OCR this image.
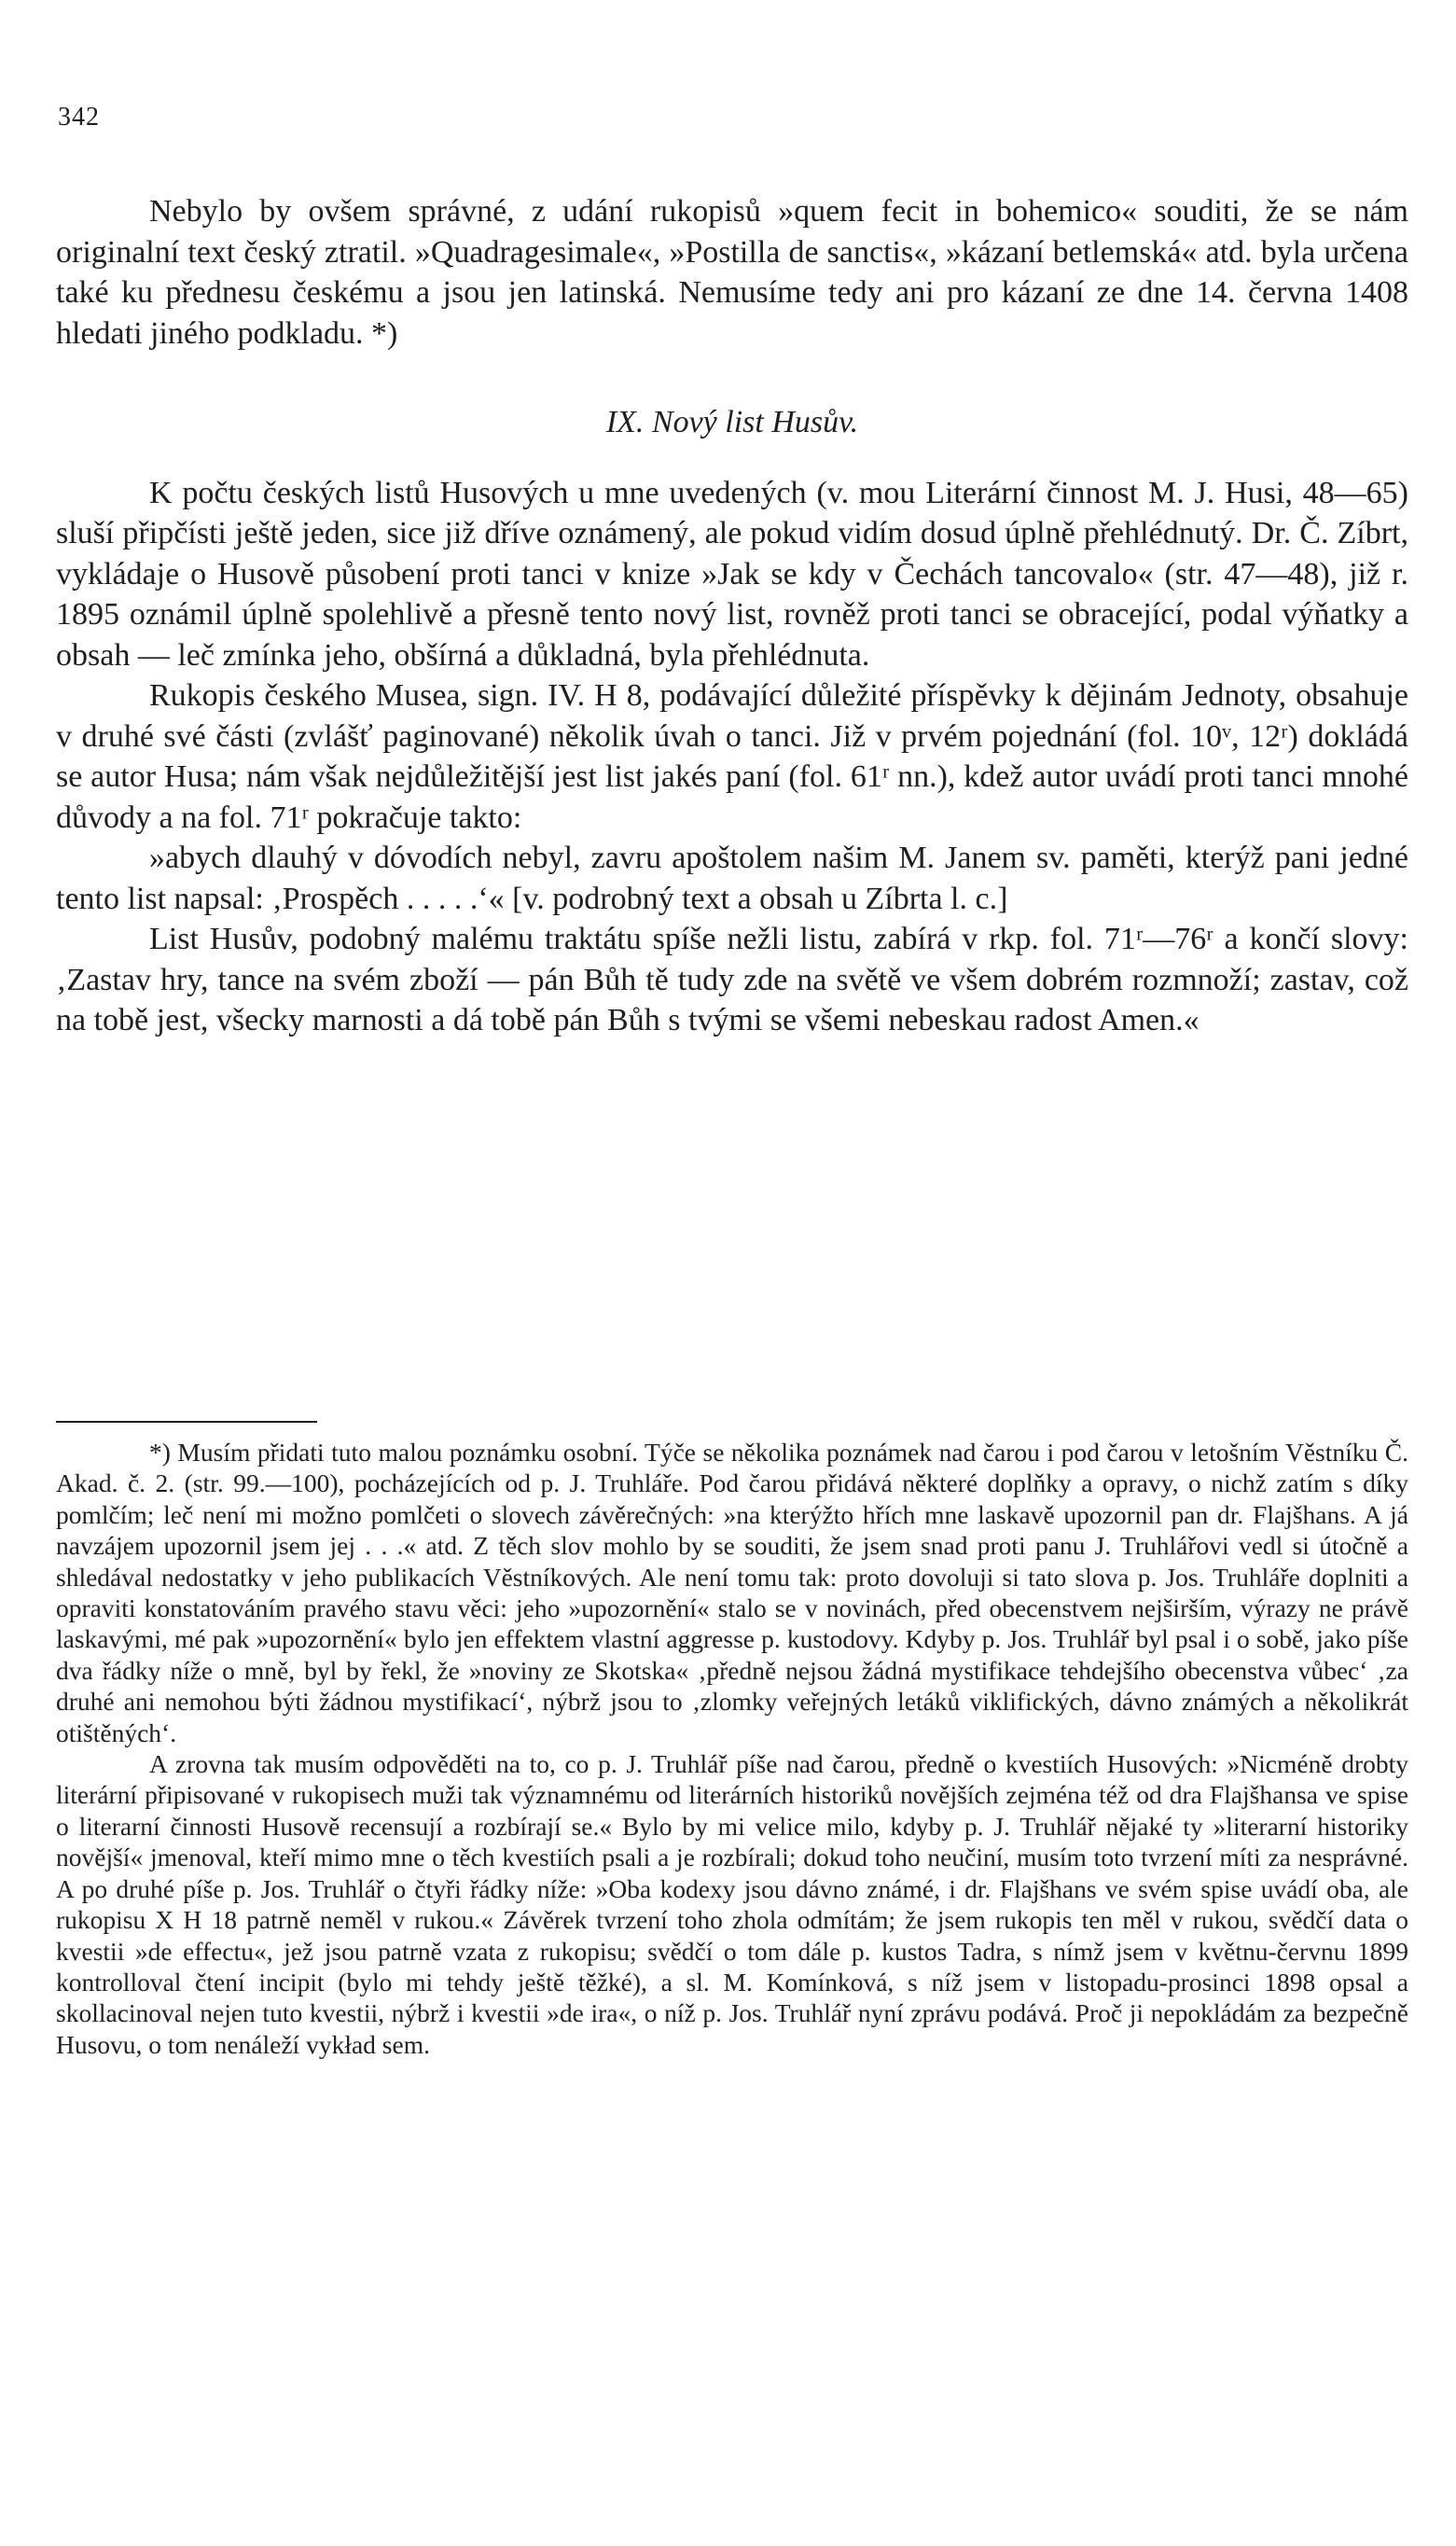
342

Nebylo by ovšem správné, z udání rukopisů »quem fecit in bohemico« souditi, že se nám originalní text český ztratil. »Quadragesimale«, »Postilla de sanctis«, »kázaní betlemská« atd. byla určena také ku přednesu českému a jsou jen latinská. Nemusíme tedy ani pro kázaní ze dne 14. června 1408 hledati jiného podkladu. *)

IX. Nový list Husův.

K počtu českých listů Husových u mne uvedených (v. mou Literární činnost M. J. Husi, 48—65) sluší připčísti ještě jeden, sice již dříve oznámený, ale pokud vidím dosud úplně přehlédnutý. Dr. Č. Zíbrt, vykládaje o Husově působení proti tanci v knize »Jak se kdy v Čechách tancovalo« (str. 47—48), již r. 1895 oznámil úplně spolehlivě a přesně tento nový list, rovněž proti tanci se obracející, podal výňatky a obsah — leč zmínka jeho, obšírná a důkladná, byla přehlédnuta.

Rukopis českého Musea, sign. IV. H 8, podávající důležité příspěvky k dějinám Jednoty, obsahuje v druhé své části (zvlášť paginované) několik úvah o tanci. Již v prvém pojednání (fol. 10ᵛ, 12ʳ) dokládá se autor Husa; nám však nejdůležitější jest list jakés paní (fol. 61ʳ nn.), kdež autor uvádí proti tanci mnohé důvody a na fol. 71ʳ pokračuje takto:

»abych dlauhý v dóvodích nebyl, zavru apoštolem našim M. Janem sv. paměti, kterýž pani jedné tento list napsal: ‚Prospěch . . . . .‘« [v. podrobný text a obsah u Zíbrta l. c.]

List Husův, podobný malému traktátu spíše nežli listu, zabírá v rkp. fol. 71ʳ—76ʳ a končí slovy: ‚Zastav hry, tance na svém zboží — pán Bůh tě tudy zde na světě ve všem dobrém rozmnoží; zastav, což na tobě jest, všecky marnosti a dá tobě pán Bůh s tvými se všemi nebeskau radost Amen.«

*) Musím přidati tuto malou poznámku osobní. Týče se několika poznámek nad čarou i pod čarou v letošním Věstníku Č. Akad. č. 2. (str. 99.—100), pocházejících od p. J. Truhláře. Pod čarou přidává některé doplňky a opravy, o nichž zatím s díky pomlčím; leč není mi možno pomlčeti o slovech závěrečných: »na kterýžto hřích mne laskavě upozornil pan dr. Flajšhans. A já navzájem upozornil jsem jej . . .« atd. Z těch slov mohlo by se souditi, že jsem snad proti panu J. Truhlářovi vedl si útočně a shledával nedostatky v jeho publikacích Věstníkových. Ale není tomu tak: proto dovoluji si tato slova p. Jos. Truhláře doplniti a opraviti konstatováním pravého stavu věci: jeho »upozornění« stalo se v novinách, před obecenstvem nejširším, výrazy ne právě laskavými, mé pak »upozornění« bylo jen effektem vlastní aggresse p. kustodovy. Kdyby p. Jos. Truhlář byl psal i o sobě, jako píše dva řádky níže o mně, byl by řekl, že »noviny ze Skotska« ‚předně nejsou žádná mystifikace tehdejšího obecenstva vůbec‘ ‚za druhé ani nemohou býti žádnou mystifikací‘, nýbrž jsou to ‚zlomky veřejných letáků viklifických, dávno známých a několikrát otištěných‘.

A zrovna tak musím odpověděti na to, co p. J. Truhlář píše nad čarou, předně o kvestiích Husových: »Nicméně drobty literární připisované v rukopisech muži tak významnému od literárních historiků novějších zejména též od dra Flajšhansa ve spise o literarní činnosti Husově recensují a rozbírají se.« Bylo by mi velice milo, kdyby p. J. Truhlář nějaké ty »literarní historiky novější« jmenoval, kteří mimo mne o těch kvestiích psali a je rozbírali; dokud toho neučiní, musím toto tvrzení míti za nesprávné. A po druhé píše p. Jos. Truhlář o čtyři řádky níže: »Oba kodexy jsou dávno známé, i dr. Flajšhans ve svém spise uvádí oba, ale rukopisu X H 18 patrně neměl v rukou.« Závěrek tvrzení toho zhola odmítám; že jsem rukopis ten měl v rukou, svědčí data o kvestii »de effectu«, jež jsou patrně vzata z rukopisu; svědčí o tom dále p. kustos Tadra, s nímž jsem v květnu-červnu 1899 kontrolloval čtení incipit (bylo mi tehdy ještě těžké), a sl. M. Komínková, s níž jsem v listopadu-prosinci 1898 opsal a skollacinoval nejen tuto kvestii, nýbrž i kvestii »de ira«, o níž p. Jos. Truhlář nyní zprávu podává. Proč ji nepokládám za bezpečně Husovu, o tom nenáleží vykład sem.
